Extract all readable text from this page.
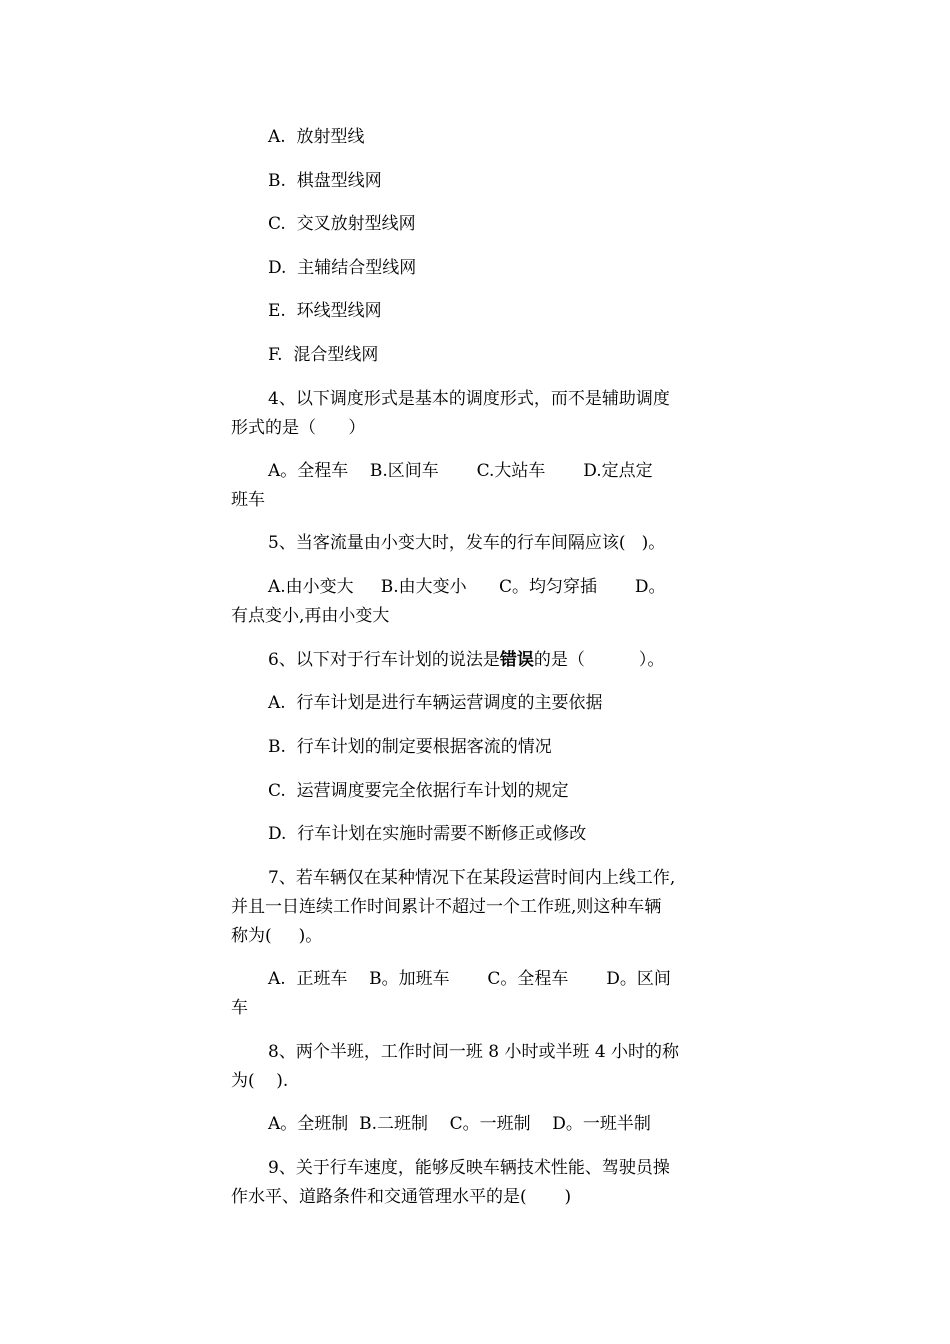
A.  放射型线
B.  棋盘型线网
C.  交叉放射型线网
D.  主辅结合型线网
E.  环线型线网
F.  混合型线网
4、以下调度形式是基本的调度形式，而不是辅助调度
形式的是（      ）
A。全程车    B.区间车       C.大站车       D.定点定
班车
5、当客流量由小变大时，发车的行车间隔应该(   )。
A.由小变大     B.由大变小      C。均匀穿插       D。
有点变小,再由小变大
6、以下对于行车计划的说法是错误的是（          ）。
A.  行车计划是进行车辆运营调度的主要依据
B.  行车计划的制定要根据客流的情况
C.  运营调度要完全依据行车计划的规定
D.  行车计划在实施时需要不断修正或修改
7、若车辆仅在某种情况下在某段运营时间内上线工作,
并且一日连续工作时间累计不超过一个工作班,则这种车辆
称为(     )。
A.  正班车    B。加班车       C。全程车       D。区间
车
8、两个半班，工作时间一班 8 小时或半班 4 小时的称
为(    ).
A。全班制  B.二班制    C。一班制    D。一班半制
9、关于行车速度，能够反映车辆技术性能、驾驶员操
作水平、道路条件和交通管理水平的是(       )
